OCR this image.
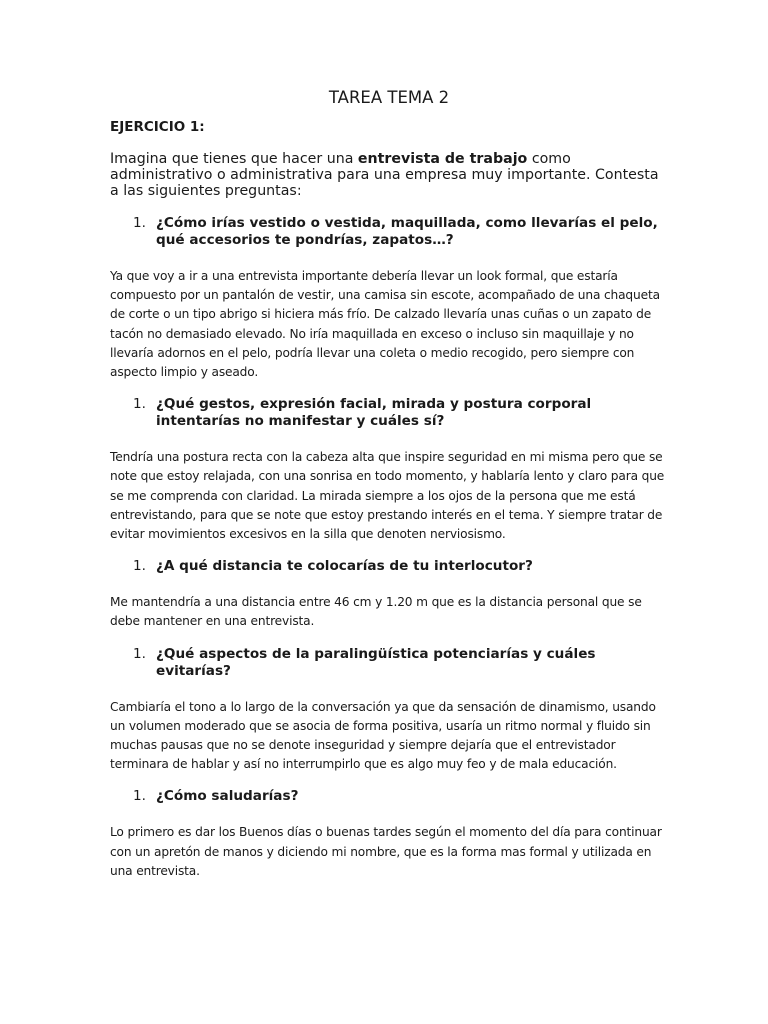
TAREA TEMA 2
EJERCICIO 1:

Imagina que tienes que hacer una entrevista de trabajo como administrativo o administrativa para una empresa muy importante. Contesta a las siguientes preguntas:

1. ¿Cómo irías vestido o vestida, maquillada, como llevarías el pelo, qué accesorios te pondrías, zapatos…?

Ya que voy a ir a una entrevista importante debería llevar un look formal, que estaría compuesto por un pantalón de vestir, una camisa sin escote, acompañado de una chaqueta de corte o un tipo abrigo si hiciera más frío. De calzado llevaría unas cuñas o un zapato de tacón no demasiado elevado. No iría maquillada en exceso o incluso sin maquillaje y no llevaría adornos en el pelo, podría llevar una coleta o medio recogido, pero siempre con aspecto limpio y aseado.

1. ¿Qué gestos, expresión facial, mirada y postura corporal intentarías no manifestar y cuáles sí?

Tendría una postura recta con la cabeza alta que inspire seguridad en mi misma pero que se note que estoy relajada, con una sonrisa en todo momento, y hablaría lento y claro para que se me comprenda con claridad. La mirada siempre a los ojos de la persona que me está entrevistando, para que se note que estoy prestando interés en el tema. Y siempre tratar de evitar movimientos excesivos en la silla que denoten nerviosismo.

1. ¿A qué distancia te colocarías de tu interlocutor?

Me mantendría a una distancia entre 46 cm y 1.20 m que es la distancia personal que se debe mantener en una entrevista.

1. ¿Qué aspectos de la paralingüística potenciarías y cuáles evitarías?

Cambiaría el tono a lo largo de la conversación ya que da sensación de dinamismo, usando un volumen moderado que se asocia de forma positiva, usaría un ritmo normal y fluido sin muchas pausas que no se denote inseguridad y siempre dejaría que el entrevistador terminara de hablar y así no interrumpirlo que es algo muy feo y de mala educación.

1. ¿Cómo saludarías?

Lo primero es dar los Buenos días o buenas tardes según el momento del día para continuar con un apretón de manos y diciendo mi nombre, que es la forma mas formal y utilizada en una entrevista.
